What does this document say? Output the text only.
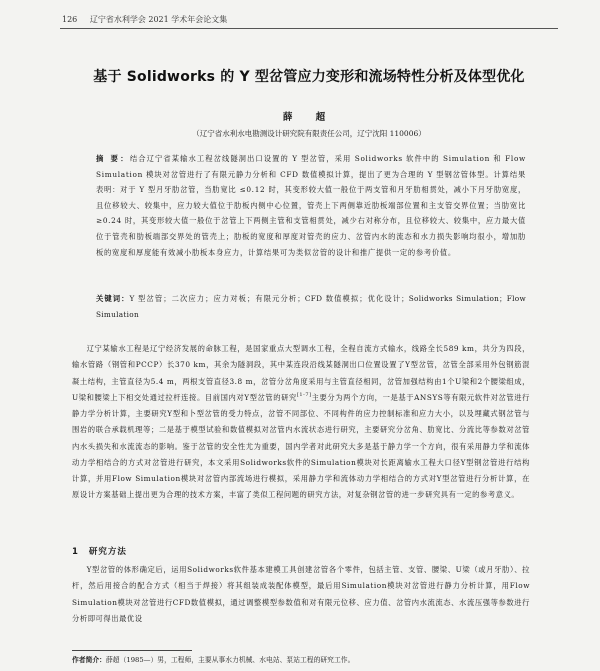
126 辽宁省水利学会 2021 学术年会论文集
基于 Solidworks 的 Y 型岔管应力变形和流场特性分析及体型优化
薛 超
（辽宁省水利水电勘测设计研究院有限责任公司，辽宁沈阳 110006）
摘 要：结合辽宁省某输水工程岔线隧洞出口设置的 Y 型岔管，采用 Solidworks 软件中的 Simulation 和 Flow Simulation 模块对岔管进行了有限元静力分析和 CFD 数值模拟计算，提出了更为合理的 Y 型钢岔管体型。计算结果表明：对于 Y 型月牙肋岔管，当肋宽比 ≤0.12 时，其变形较大值一般位于两支管和月牙肋相贯处，减小下月牙肋宽度，且位移较大、较集中，应力较大值位于肋板内侧中心位置，管壳上下两侧靠近肋板端部位置和主支管交界位置；当肋宽比 ≥0.24 时，其变形较大值一般位于岔管上下两侧主管和支管相贯处，减少右对称分布，且位移较大、较集中，应力最大值位于管壳和肋板端部交界处的管壳上；肋板的宽度和厚度对管壳的应力、岔管内水的流态和水力损失影响均很小，增加肋板的宽度和厚度能有效减小肋板本身应力，计算结果可为类似岔管的设计和推广提供一定的参考价值。
关键词：Y 型岔管；二次应力；应力对板；有限元分析；CFD 数值模拟；优化设计；Solidworks Simulation；Flow Simulation

辽宁某输水工程是辽宁经济发展的命脉工程，是国家重点大型调水工程，全程自流方式输水，线路全长589 km，共分为四段，输水管路（钢管和PCCP）长370 km，其余为隧洞段，其中某连段沿线某隧洞出口位置设置了Y型岔管，岔管全部采用外包钢筋混凝土结构，主管直径为5.4 m，两根支管直径3.8 m，岔管分岔角度采用与主管直径相同，岔管加强结构由1个U梁和2个腰梁组成，U梁和腰梁上下相交处通过拉杆连接。目前国内对Y型岔管的研究[1-7]主要分为两个方向，一是基于ANSYS等有限元软件对岔管进行静力学分析计算，主要研究Y型和卜型岔管的受力特点，岔管不同部位、不同构件的应力控制标准和应力大小，以及埋藏式钢岔管与围岩的联合承载机理等；二是基于模型试验和数值模拟对岔管内水流状态进行研究，主要研究分岔角、肋宽比、分流比等参数对岔管内水头损失和水流流态的影响。鉴于岔管的安全性尤为重要，国内学者对此研究大多是基于静力学一个方向，很有采用静力学和流体动力学相结合的方式对岔管进行研究，本文采用Solidworks软件的Simulation模块对长距离输水工程大口径Y型钢岔管进行结构计算，并用Flow Simulation模块对岔管内部流场进行模拟，采用静力学和流体动力学相结合的方式对Y型岔管进行分析计算，在原设计方案基础上提出更为合理的技术方案，丰富了类似工程问题的研究方法，对复杂钢岔管的进一步研究具有一定的参考意义。

1 研究方法

Y型岔管的体形确定后，运用Solidworks软件基本建模工具创建岔管各个零件，包括主管、支管、腰梁、U梁（或月牙肋）、拉杆，然后用接合的配合方式（相当于焊接）将其组装成装配体模型，最后用Simulation模块对岔管进行静力分析计算，用Flow Simulation模块对岔管进行CFD数值模拟，通过调整模型参数值和对有限元位移、应力值、岔管内水流流态、水流压强等参数进行分析即可得出最优设

作者简介：薛超（1985—）男，工程师，主要从事水力机械、水电站、泵站工程的研究工作。
